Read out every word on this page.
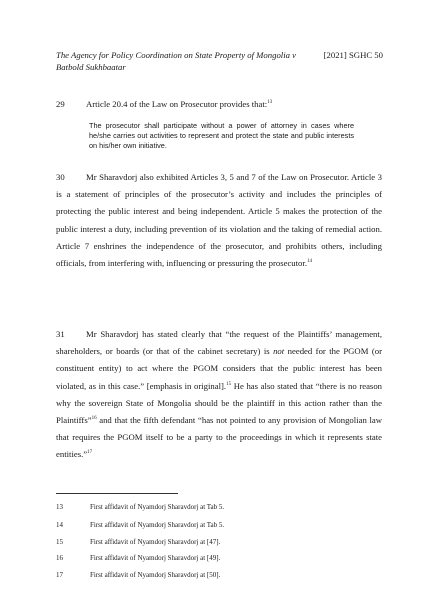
The Agency for Policy Coordination on State Property of Mongolia v Batbold Sukhbaatar
[2021] SGHC 50
29 Article 20.4 of the Law on Prosecutor provides that:$^{13}$
The prosecutor shall participate without a power of attorney in cases where he/she carries out activities to represent and protect the state and public interests on his/her own initiative.
30 Mr Sharavdorj also exhibited Articles 3, 5 and 7 of the Law on Prosecutor. Article 3 is a statement of principles of the prosecutor’s activity and includes the principles of protecting the public interest and being independent. Article 5 makes the protection of the public interest a duty, including prevention of its violation and the taking of remedial action. Article 7 enshrines the independence of the prosecutor, and prohibits others, including officials, from interfering with, influencing or pressuring the prosecutor.$^{14}$
31 Mr Sharavdorj has stated clearly that “the request of the Plaintiffs’ management, shareholders, or boards (or that of the cabinet secretary) is not needed for the PGOM (or constituent entity) to act where the PGOM considers that the public interest has been violated, as in this case.” [emphasis in original].$^{15}$ He has also stated that “there is no reason why the sovereign State of Mongolia should be the plaintiff in this action rather than the Plaintiffs”$^{16}$ and that the fifth defendant “has not pointed to any provision of Mongolian law that requires the PGOM itself to be a party to the proceedings in which it represents state entities.”$^{17}$
13	First affidavit of Nyamdorj Sharavdorj at Tab 5.
14	First affidavit of Nyamdorj Sharavdorj at Tab 5.
15	First affidavit of Nyamdorj Sharavdorj at [47].
16	First affidavit of Nyamdorj Sharavdorj at [49].
17	First affidavit of Nyamdorj Sharavdorj at [50].
